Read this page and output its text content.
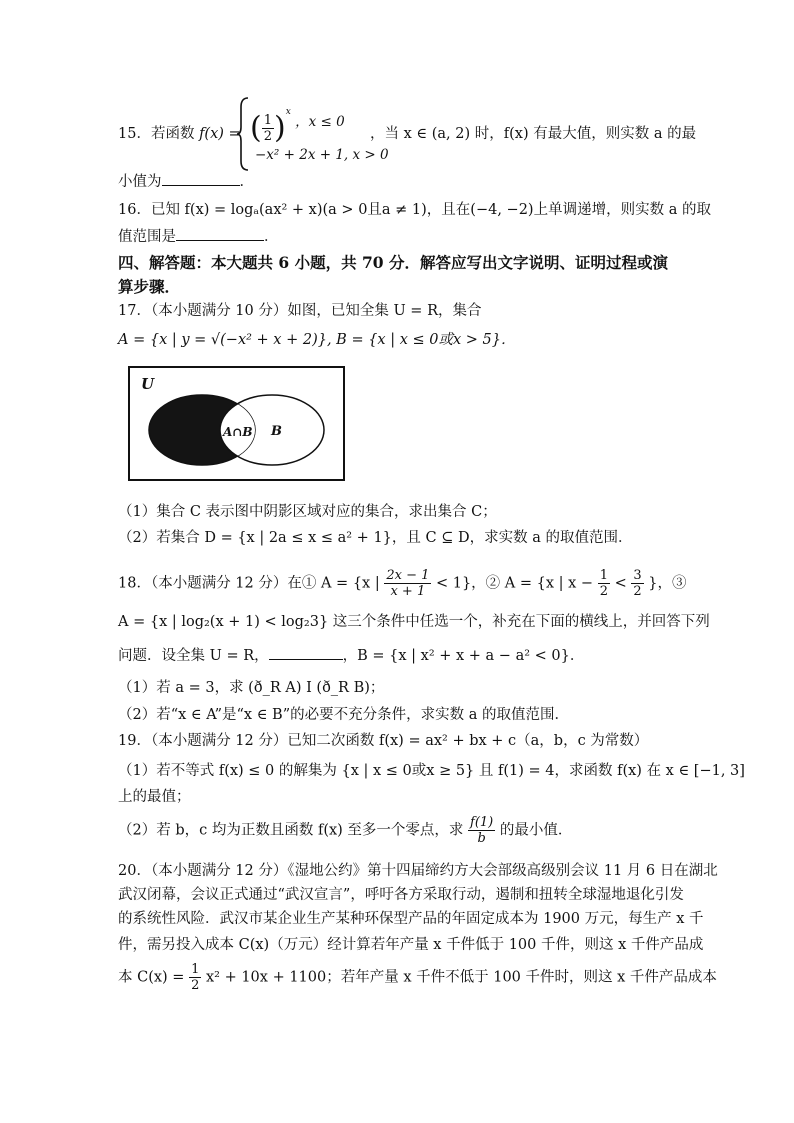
15．若函数 f(x) = ( $\frac{1}{2} )^x$ ，x ≤ 0
−x² + 2x + 1, x > 0
，当 x ∈ (a, 2) 时，f(x) 有最大值，则实数 a 的最
小值为	．
16．已知 f(x) = logₐ(ax² + x)(a > 0且a ≠ 1)，且在(−4, −2)上单调递增，则实数 a 的取
值范围是	．
四、解答题：本大题共 6 小题，共 70 分．解答应写出文字说明、证明过程或演
算步骤．
17．（本小题满分 10 分）如图，已知全集 U = R，集合
A = {x | y = √(−x² + x + 2)}, B = {x | x ≤ 0或x > 5}．
U
A∩B B
（1）集合 C 表示图中阴影区域对应的集合，求出集合 C；
（2）若集合 D = {x | 2a ≤ x ≤ a² + 1}，且 C ⊆ D，求实数 a 的取值范围．
18．（本小题满分 12 分）在① A = {x | $\frac{2x - 1}{x + 1} < 1$}，② A = {x | $x - \frac{1}{2} < \frac{3}{2}$ }，③
A = {x | log₂(x + 1) < log₂3} 这三个条件中任选一个，补充在下面的横线上，并回答下列
问题．设全集 U = R，	，B = {x | x² + x + a − a² < 0}．
（1）若 a = 3，求 (ð_R A) I (ð_R B)；
（2）若“x ∈ A”是“x ∈ B”的必要不充分条件，求实数 a 的取值范围．
19．（本小题满分 12 分）已知二次函数 f(x) = ax² + bx + c（a，b，c 为常数）
（1）若不等式 f(x) ≤ 0 的解集为 {x | x ≤ 0或x ≥ 5} 且 f(1) = 4，求函数 f(x) 在 x ∈ [−1, 3]
上的最值；
（2）若 b，c 均为正数且函数 f(x) 至多一个零点，求 $\frac{f(1)}{b}$ 的最小值．
20．（本小题满分 12 分）《湿地公约》第十四届缔约方大会部级高级别会议 11 月 6 日在湖北
武汉闭幕，会议正式通过“武汉宣言”，呼吁各方采取行动，遏制和扭转全球湿地退化引发
的系统性风险．武汉市某企业生产某种环保型产品的年固定成本为 1900 万元，每生产 x 千
件，需另投入成本 C(x)（万元）经计算若年产量 x 千件低于 100 千件，则这 x 千件产品成
本 $C(x) = \frac{1}{2} x^2 + 10x + 1100$；若年产量 x 千件不低于 100 千件时，则这 x 千件产品成本
